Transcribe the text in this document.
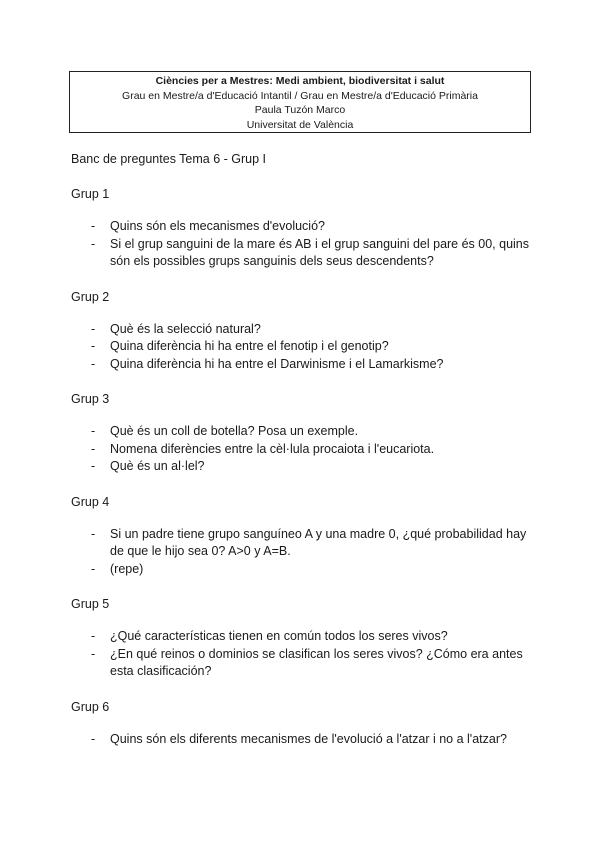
Ciències per a Mestres: Medi ambient, biodiversitat i salut
Grau en Mestre/a d'Educació Intantil / Grau en Mestre/a d'Educació Primària
Paula Tuzón Marco
Universitat de València
Banc de preguntes Tema 6 - Grup I
Grup 1
- Quins són els mecanismes d'evolució?
- Si el grup sanguini de la mare és AB i el grup sanguini del pare és 00, quins són els possibles grups sanguinis dels seus descendents?
Grup 2
- Què és la selecció natural?
- Quina diferència hi ha entre el fenotip i el genotip?
- Quina diferència hi ha entre el Darwinisme i el Lamarkisme?
Grup 3
- Què és un coll de botella? Posa un exemple.
- Nomena diferències entre la cèl·lula procaiota i l'eucariota.
- Què és un al·lel?
Grup 4
- Si un padre tiene grupo sanguíneo A y una madre 0, ¿qué probabilidad hay de que le hijo sea 0? A>0 y A=B.
- (repe)
Grup 5
- ¿Qué características tienen en común todos los seres vivos?
- ¿En qué reinos o dominios se clasifican los seres vivos? ¿Cómo era antes esta clasificación?
Grup 6
- Quins són els diferents mecanismes de l'evolució a l'atzar i no a l'atzar?
